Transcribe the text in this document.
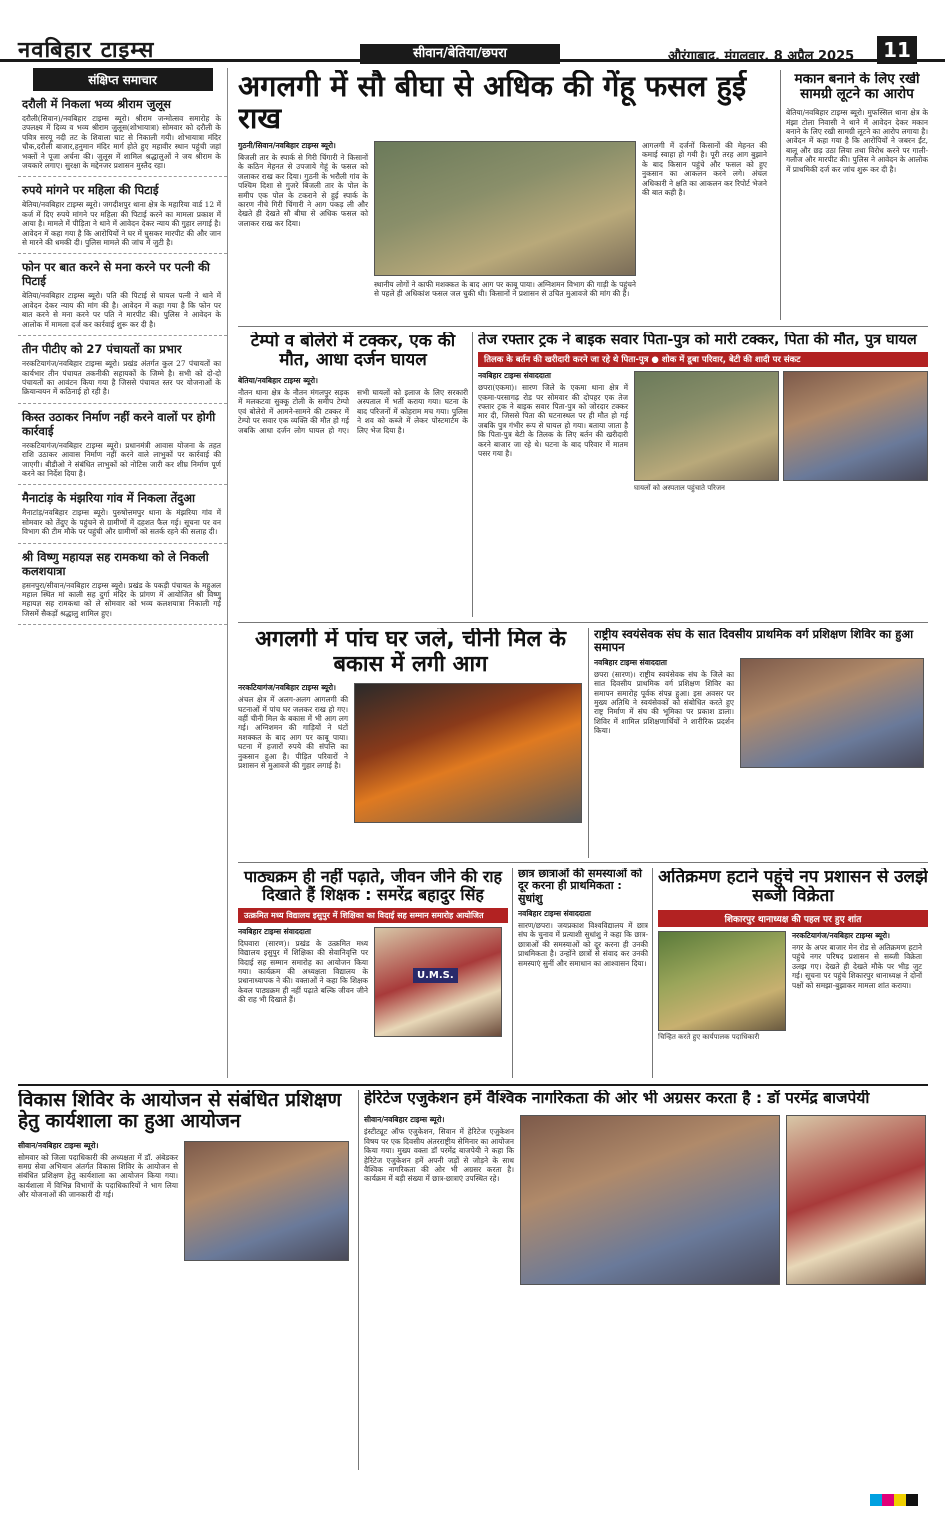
नवबिहार टाइम्स	सीवान/बेतिया/छपरा	औरंगाबाद, मंगलवार, 8 अप्रैल 2025	11
संक्षिप्त समाचार
दरौली में निकला भव्य श्रीराम जुलूस
दरौली(सिवान)/नवबिहार टाइम्स ब्यूरो। श्रीराम जन्मोत्सव समारोह के उपलक्ष्य में दिव्य व भव्य श्रीराम जुलूस(शोभायात्रा) सोमवार को दरौली के पवित्र सरयू नदी तट के शिवाला घाट से निकाली गयी। शोभायात्रा मंदिर चौक,दरौली बाजार,हनुमान मंदिर मार्ग होते हुए महावीर स्थान पहुंची जहां भक्तों ने पूजा अर्चना की। जुलूस में शामिल श्रद्धालुओं ने जय श्रीराम के जयकारे लगाए। सुरक्षा के मद्देनजर प्रशासन मुस्तैद रहा।
रुपये मांगने पर महिला की पिटाई
बेतिया/नवबिहार टाइम्स ब्यूरो। जगदीशपुर थाना क्षेत्र के महारिया वार्ड 12 में कर्ज में दिए रुपये मांगने पर महिला की पिटाई करने का मामला प्रकाश में आया है। मामले में पीड़िता ने थाने में आवेदन देकर न्याय की गुहार लगाई है। आवेदन में कहा गया है कि आरोपियों ने घर में घुसकर मारपीट की और जान से मारने की धमकी दी। पुलिस मामले की जांच में जुटी है।
फोन पर बात करने से मना करने पर पत्नी की पिटाई
बेतिया/नवबिहार टाइम्स ब्यूरो। पति की पिटाई से घायल पत्नी ने थाने में आवेदन देकर न्याय की मांग की है। आवेदन में कहा गया है कि फोन पर बात करने से मना करने पर पति ने मारपीट की। पुलिस ने आवेदन के आलोक में मामला दर्ज कर कार्रवाई शुरू कर दी है।
तीन पीटीए को 27 पंचायतों का प्रभार
नरकटियागंज/नवबिहार टाइम्स ब्यूरो। प्रखंड अंतर्गत कुल 27 पंचायतों का कार्यभार तीन पंचायत तकनीकी सहायकों के जिम्मे है। सभी को दो-दो पंचायतों का आवंटन किया गया है जिससे पंचायत स्तर पर योजनाओं के क्रियान्वयन में कठिनाई हो रही है।
किस्त उठाकर निर्माण नहीं करने वालों पर होगी कार्रवाई
नरकटियागंज/नवबिहार टाइम्स ब्यूरो। प्रधानमंत्री आवास योजना के तहत राशि उठाकर आवास निर्माण नहीं करने वाले लाभुकों पर कार्रवाई की जाएगी। बीडीओ ने संबंधित लाभुकों को नोटिस जारी कर शीघ्र निर्माण पूर्ण करने का निर्देश दिया है।
मैनाटांड़ के मंझरिया गांव में निकला तेंदुआ
मैनाटांड़/नवबिहार टाइम्स ब्यूरो। पुरुषोत्तमपुर थाना के मंझरिया गांव में सोमवार को तेंदुए के पहुंचने से ग्रामीणों में दहशत फैल गई। सूचना पर वन विभाग की टीम मौके पर पहुंची और ग्रामीणों को सतर्क रहने की सलाह दी।
श्री विष्णु महायज्ञ सह रामकथा को ले निकली कलशयात्रा
हसनपुरा/सीवान/नवबिहार टाइम्स ब्यूरो। प्रखंड के पकड़ी पंचायत के महुअल महाल स्थित मां काली सह दुर्गा मंदिर के प्रांगण में आयोजित श्री विष्णु महायज्ञ सह रामकथा को ले सोमवार को भव्य कलशयात्रा निकाली गई जिसमें सैकड़ों श्रद्धालु शामिल हुए।
अगलगी में सौ बीघा से अधिक की गेंहू फसल हुई राख
गुठनी/सिवान/नवबिहार टाइम्स ब्यूरो।
बिजली तार के स्पार्क से गिरी चिंगारी ने किसानों के कठिन मेहनत से उपजाये गेहूं के फसल को जलाकर राख कर दिया। गुठनी के भरौली गांव के पश्चिम दिशा से गुजरे बिजली तार के पोल के समीप एक पोल के टकराने से हुई स्पार्क के कारण नीचे गिरी चिंगारी ने आग पकड़ ली और देखते ही देखते सौ बीघा से अधिक फसल को जलाकर राख कर दिया।
स्थानीय लोगों ने काफी मशक्कत के बाद आग पर काबू पाया। अग्निशमन विभाग की गाड़ी के पहुंचने से पहले ही अधिकांश फसल जल चुकी थी। किसानों ने प्रशासन से उचित मुआवजे की मांग की है।
आगलगी में दर्जनों किसानों की मेहनत की कमाई स्वाहा हो गयी है। पूरी तरह आग बुझाने के बाद किसान पहुंचे और फसल को हुए नुकसान का आकलन करने लगे। अंचल अधिकारी ने क्षति का आकलन कर रिपोर्ट भेजने की बात कही है।
मकान बनाने के लिए रखी सामग्री लूटने का आरोप
बेतिया/नवबिहार टाइम्स ब्यूरो। मुफस्सिल थाना क्षेत्र के मंझा टोला निवासी ने थाने में आवेदन देकर मकान बनाने के लिए रखी सामग्री लूटने का आरोप लगाया है। आवेदन में कहा गया है कि आरोपियों ने जबरन ईंट, बालू और छड़ उठा लिया तथा विरोध करने पर गाली-गलौज और मारपीट की। पुलिस ने आवेदन के आलोक में प्राथमिकी दर्ज कर जांच शुरू कर दी है।
टेम्पो व बोलेरो में टक्कर, एक की मौत, आधा दर्जन घायल
बेतिया/नवबिहार टाइम्स ब्यूरो।
नौतन थाना क्षेत्र के नौतन मंगलपुर सड़क में मलकटवा सुक्कू टोली के समीप टेम्पो एवं बोलेरो में आमने-सामने की टक्कर में टेम्पो पर सवार एक व्यक्ति की मौत हो गई जबकि आधा दर्जन लोग घायल हो गए। सभी घायलों को इलाज के लिए सरकारी अस्पताल में भर्ती कराया गया। घटना के बाद परिजनों में कोहराम मच गया। पुलिस ने शव को कब्जे में लेकर पोस्टमार्टम के लिए भेज दिया है।
तेज रफ्तार ट्रक ने बाइक सवार पिता-पुत्र को मारी टक्कर, पिता की मौत, पुत्र घायल
तिलक के बर्तन की खरीदारी करने जा रहे थे पिता-पुत्र ● शोक में डूबा परिवार, बेटी की शादी पर संकट
नवबिहार टाइम्स संवाददाता
छपरा(एकमा)। सारण जिले के एकमा थाना क्षेत्र में एकमा-परसागढ़ रोड पर सोमवार की दोपहर एक तेज रफ्तार ट्रक ने बाइक सवार पिता-पुत्र को जोरदार टक्कर मार दी, जिससे पिता की घटनास्थल पर ही मौत हो गई जबकि पुत्र गंभीर रूप से घायल हो गया। बताया जाता है कि पिता-पुत्र बेटी के तिलक के लिए बर्तन की खरीदारी करने बाजार जा रहे थे। घटना के बाद परिवार में मातम पसर गया है।
घायलों को अस्पताल पहुंचाते परिजन
अगलगी में पांच घर जले, चीनी मिल के बकास में लगी आग
नरकटियागंज/नवबिहार टाइम्स ब्यूरो।
अंचल क्षेत्र में अलग-अलग आगलगी की घटनाओं में पांच घर जलकर राख हो गए। वहीं चीनी मिल के बकास में भी आग लग गई। अग्निशमन की गाड़ियों ने घंटों मशक्कत के बाद आग पर काबू पाया। घटना में हजारों रुपये की संपत्ति का नुकसान हुआ है। पीड़ित परिवारों ने प्रशासन से मुआवजे की गुहार लगाई है।
राष्ट्रीय स्वयंसेवक संघ के सात दिवसीय प्राथमिक वर्ग प्रशिक्षण शिविर का हुआ समापन
नवबिहार टाइम्स संवाददाता
छपरा (सारण)। राष्ट्रीय स्वयंसेवक संघ के जिले का सात दिवसीय प्राथमिक वर्ग प्रशिक्षण शिविर का समापन समारोह पूर्वक संपन्न हुआ। इस अवसर पर मुख्य अतिथि ने स्वयंसेवकों को संबोधित करते हुए राष्ट्र निर्माण में संघ की भूमिका पर प्रकाश डाला। शिविर में शामिल प्रशिक्षणार्थियों ने शारीरिक प्रदर्शन किया।
पाठ्यक्रम ही नहीं पढ़ाते, जीवन जीने की राह दिखाते हैं शिक्षक : समरेंद्र बहादुर सिंह
उत्क्रमित मध्य विद्यालय इसुपुर में शिक्षिका का विदाई सह सम्मान समारोह आयोजित
नवबिहार टाइम्स संवाददाता
दिघवारा (सारण)। प्रखंड के उत्क्रमित मध्य विद्यालय इसुपुर में शिक्षिका की सेवानिवृत्ति पर विदाई सह सम्मान समारोह का आयोजन किया गया। कार्यक्रम की अध्यक्षता विद्यालय के प्रधानाध्यापक ने की। वक्ताओं ने कहा कि शिक्षक केवल पाठ्यक्रम ही नहीं पढ़ाते बल्कि जीवन जीने की राह भी दिखाते हैं।
U.M.S.
छात्र छात्राओं की समस्याओं को दूर करना ही प्राथमिकता : सुधांशु
नवबिहार टाइम्स संवाददाता
सारण/छपरा। जयप्रकाश विश्वविद्यालय में छात्र संघ के चुनाव में प्रत्याशी सुधांशु ने कहा कि छात्र-छात्राओं की समस्याओं को दूर करना ही उनकी प्राथमिकता है। उन्होंने छात्रों से संवाद कर उनकी समस्याएं सुनीं और समाधान का आश्वासन दिया।
अतिक्रमण हटाने पहुंचे नप प्रशासन से उलझे सब्जी विक्रेता
शिकारपुर थानाध्यक्ष की पहल पर हुए शांत
नरकटियागंज/नवबिहार टाइम्स ब्यूरो।
नगर के अपर बाजार मेन रोड से अतिक्रमण हटाने पहुंचे नगर परिषद प्रशासन से सब्जी विक्रेता उलझ गए। देखते ही देखते मौके पर भीड़ जुट गई। सूचना पर पहुंचे शिकारपुर थानाध्यक्ष ने दोनों पक्षों को समझा-बुझाकर मामला शांत कराया।
चिन्हित करते हुए कार्यपालक पदाधिकारी
विकास शिविर के आयोजन से संबंधित प्रशिक्षण हेतु कार्यशाला का हुआ आयोजन
सीवान/नवबिहार टाइम्स ब्यूरो।
सोमवार को जिला पदाधिकारी की अध्यक्षता में डॉ. अंबेडकर समग्र सेवा अभियान अंतर्गत विकास शिविर के आयोजन से संबंधित प्रशिक्षण हेतु कार्यशाला का आयोजन किया गया। कार्यशाला में विभिन्न विभागों के पदाधिकारियों ने भाग लिया और योजनाओं की जानकारी दी गई।
हेरिटेज एजुकेशन हमें वैश्विक नागरिकता की ओर भी अग्रसर करता है : डॉ परमेंद्र बाजपेयी
सीवान/नवबिहार टाइम्स ब्यूरो।
इंस्टीट्यूट ऑफ एजुकेशन, सिवान में हेरिटेज एजुकेशन विषय पर एक दिवसीय अंतरराष्ट्रीय सेमिनार का आयोजन किया गया। मुख्य वक्ता डॉ परमेंद्र बाजपेयी ने कहा कि हेरिटेज एजुकेशन हमें अपनी जड़ों से जोड़ने के साथ वैश्विक नागरिकता की ओर भी अग्रसर करता है। कार्यक्रम में बड़ी संख्या में छात्र-छात्राएं उपस्थित रहे।
